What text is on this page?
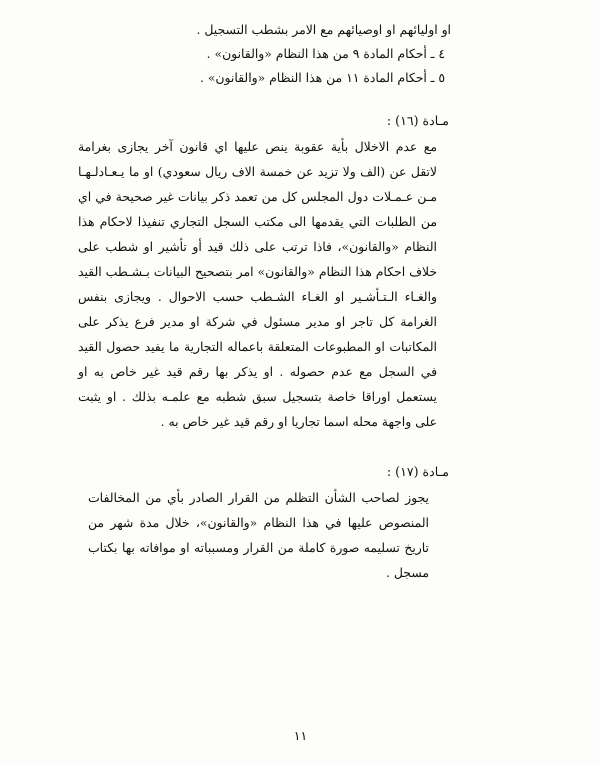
او اوليائهم او اوصيائهم مع الامر بشطب التسجيل .
٤ ـ أحكام المادة ٩ من هذا النظام «والقانون» .
٥ ـ أحكام المادة ١١ من هذا النظام «والقانون» .
مـادة (١٦) :

مع عدم الاخلال بأية عقوبة ينص عليها اي قانون آخر يجازى بغرامة لاتقل عن (الف ولا تزيد عن خمسة الاف ريال سعودي) او ما يـعـادلـهـا مـن عـمـلات دول المجلس كل من تعمد ذكر بيانات غير صحيحة في اي من الطلبات التي يقدمها الى مكتب السجل التجاري تنفيذا لاحكام هذا النظام «والقانون»، فاذا ترتب على ذلك قيد أو تأشير او شطب على خلاف احكام هذا النظام «والقانون» امر بتصحيح البيانات بـشـطب القيد والغـاء الـتـأشـير او الغـاء الشـطب حسب الاحوال . ويجازى بنفس الغرامة كل تاجر او مدير مسئول في شركة او مدير فرع يذكر على المكاتبات او المطبوعات المتعلقة باعماله التجارية ما يفيد حصول القيد في السجل مع عدم حصوله . او يذكر بها رقم قيد غير خاص به او يستعمل اوراقا خاصة بتسجيل سبق شطبه مع علمـه بذلك . او يثبت على واجهة محله اسما تجاريا او رقم قيد غير خاص به .

مـادة (١٧) :

يجوز لصاحب الشأن التظلم من القرار الصادر بأي من المخالفات المنصوص عليها في هذا النظام «والقانون»، خلال مدة شهر من تاريخ تسليمه صورة كاملة من القرار ومسبباته او موافاته بها بكتاب مسجل .

١١
